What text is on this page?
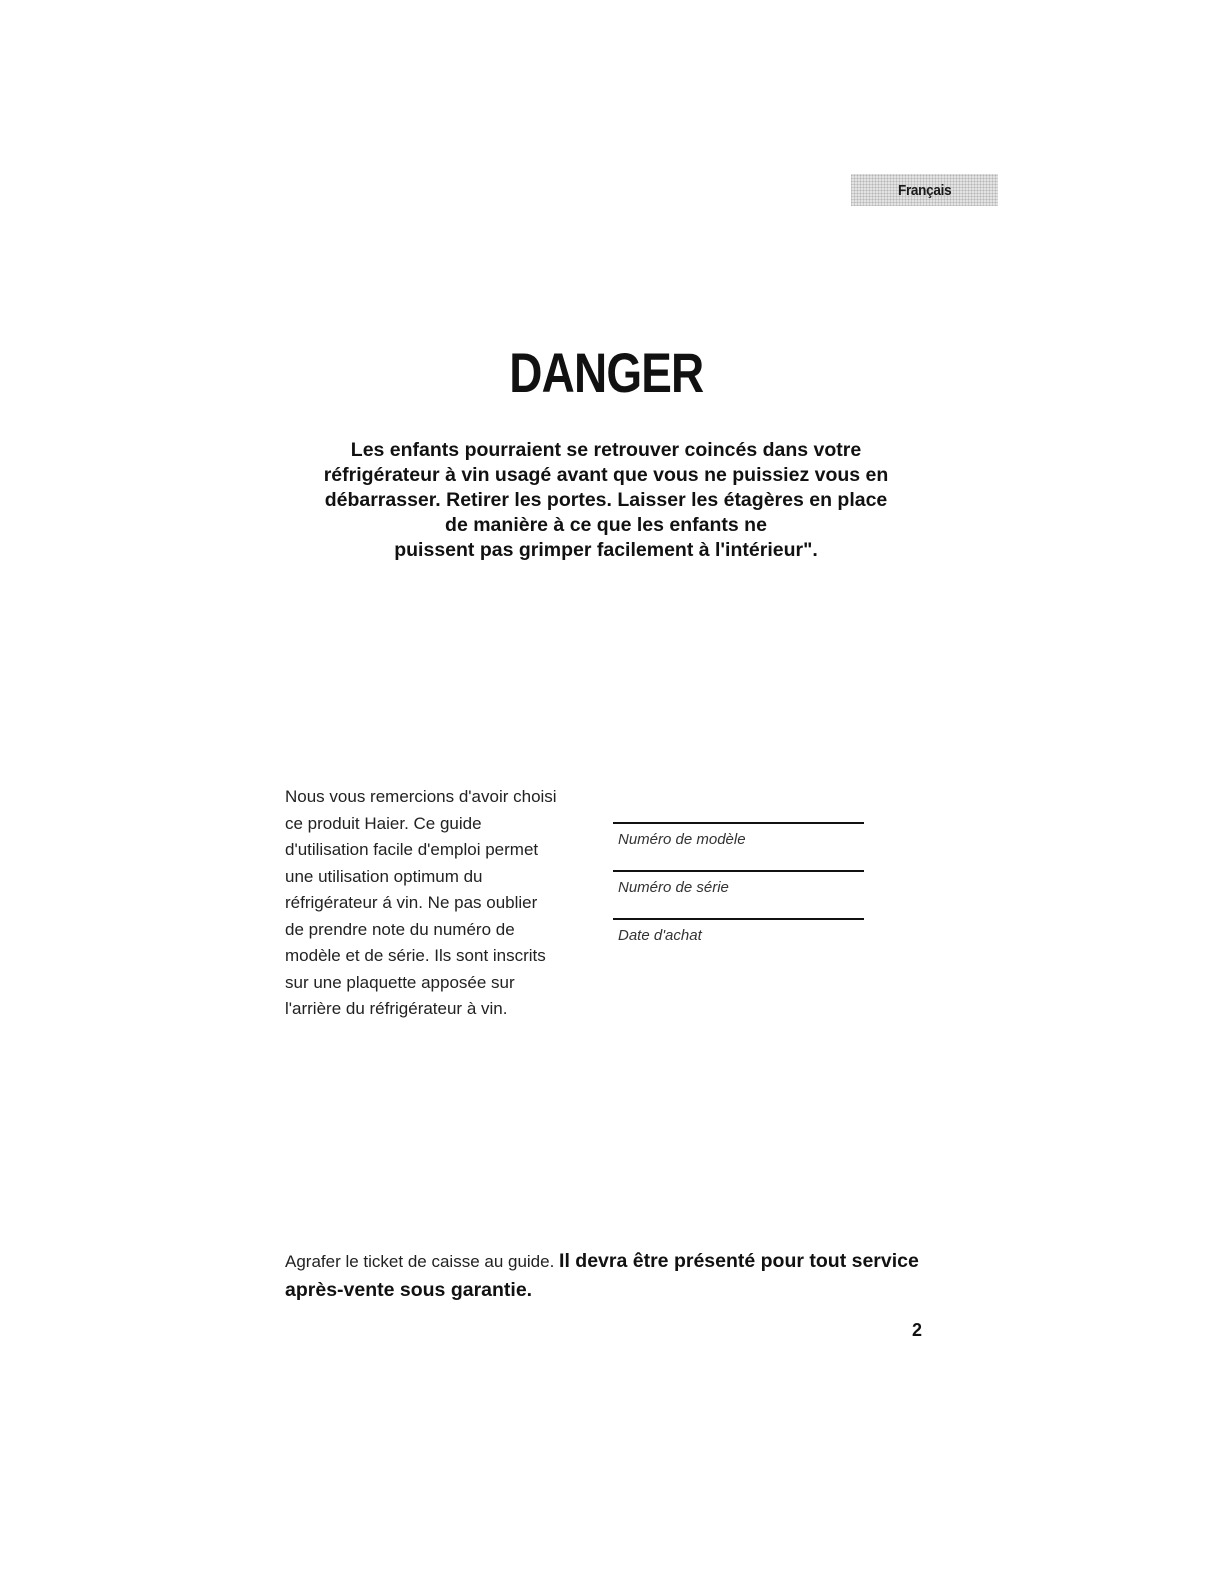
Français
DANGER

Les enfants pourraient se retrouver coincés dans votre
réfrigérateur à vin usagé avant que vous ne puissiez vous en
débarrasser. Retirer les portes. Laisser les étagères en place
de manière à ce que les enfants ne
puissent pas grimper facilement à l'intérieur".

Nous vous remercions d'avoir choisi
ce produit Haier. Ce guide
d'utilisation facile d'emploi permet
une utilisation optimum du
réfrigérateur á vin. Ne pas oublier
de prendre note du numéro de
modèle et de série. Ils sont inscrits
sur une plaquette apposée sur
l'arrière du réfrigérateur à vin.

Numéro de modèle
Numéro de série
Date d'achat

Agrafer le ticket de caisse au guide. Il devra être présenté pour tout service après-vente sous garantie.

2
